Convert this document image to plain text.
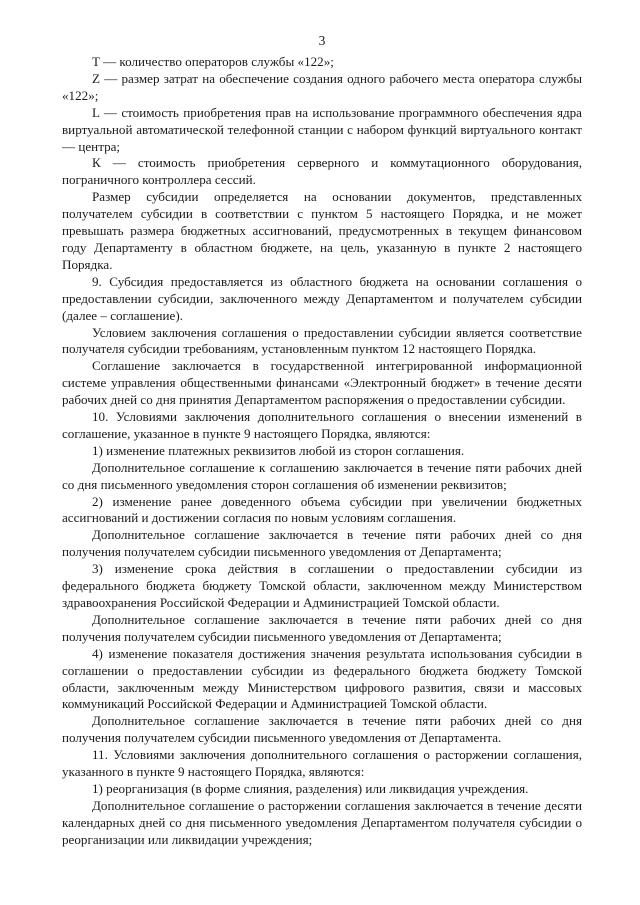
3

T — количество операторов службы «122»;

Z — размер затрат на обеспечение создания одного рабочего места оператора службы «122»;

L — стоимость приобретения прав на использование программного обеспечения ядра виртуальной автоматической телефонной станции с набором функций виртуального контакт — центра;

К — стоимость приобретения серверного и коммутационного оборудования, пограничного контроллера сессий.

Размер субсидии определяется на основании документов, представленных получателем субсидии в соответствии с пунктом 5 настоящего Порядка, и не может превышать размера бюджетных ассигнований, предусмотренных в текущем финансовом году Департаменту в областном бюджете, на цель, указанную в пункте 2 настоящего Порядка.

9. Субсидия предоставляется из областного бюджета на основании соглашения о предоставлении субсидии, заключенного между Департаментом и получателем субсидии (далее – соглашение).

Условием заключения соглашения о предоставлении субсидии является соответствие получателя субсидии требованиям, установленным пунктом 12 настоящего Порядка.

Соглашение заключается в государственной интегрированной информационной системе управления общественными финансами «Электронный бюджет» в течение десяти рабочих дней со дня принятия Департаментом распоряжения о предоставлении субсидии.

10. Условиями заключения дополнительного соглашения о внесении изменений в соглашение, указанное в пункте 9 настоящего Порядка, являются:

1) изменение платежных реквизитов любой из сторон соглашения.

Дополнительное соглашение к соглашению заключается в течение пяти рабочих дней со дня письменного уведомления сторон соглашения об изменении реквизитов;

2) изменение ранее доведенного объема субсидии при увеличении бюджетных ассигнований и достижении согласия по новым условиям соглашения.

Дополнительное соглашение заключается в течение пяти рабочих дней со дня получения получателем субсидии письменного уведомления от Департамента;

3) изменение срока действия в соглашении о предоставлении субсидии из федерального бюджета бюджету Томской области, заключенном между Министерством здравоохранения Российской Федерации и Администрацией Томской области.

Дополнительное соглашение заключается в течение пяти рабочих дней со дня получения получателем субсидии письменного уведомления от Департамента;

4) изменение показателя достижения значения результата использования субсидии в соглашении о предоставлении субсидии из федерального бюджета бюджету Томской области, заключенным между Министерством цифрового развития, связи и массовых коммуникаций Российской Федерации и Администрацией Томской области.

Дополнительное соглашение заключается в течение пяти рабочих дней со дня получения получателем субсидии письменного уведомления от Департамента.

11. Условиями заключения дополнительного соглашения о расторжении соглашения, указанного в пункте 9 настоящего Порядка, являются:

1) реорганизация (в форме слияния, разделения) или ликвидация учреждения.

Дополнительное соглашение о расторжении соглашения заключается в течение десяти календарных дней со дня письменного уведомления Департаментом получателя субсидии о реорганизации или ликвидации учреждения;
